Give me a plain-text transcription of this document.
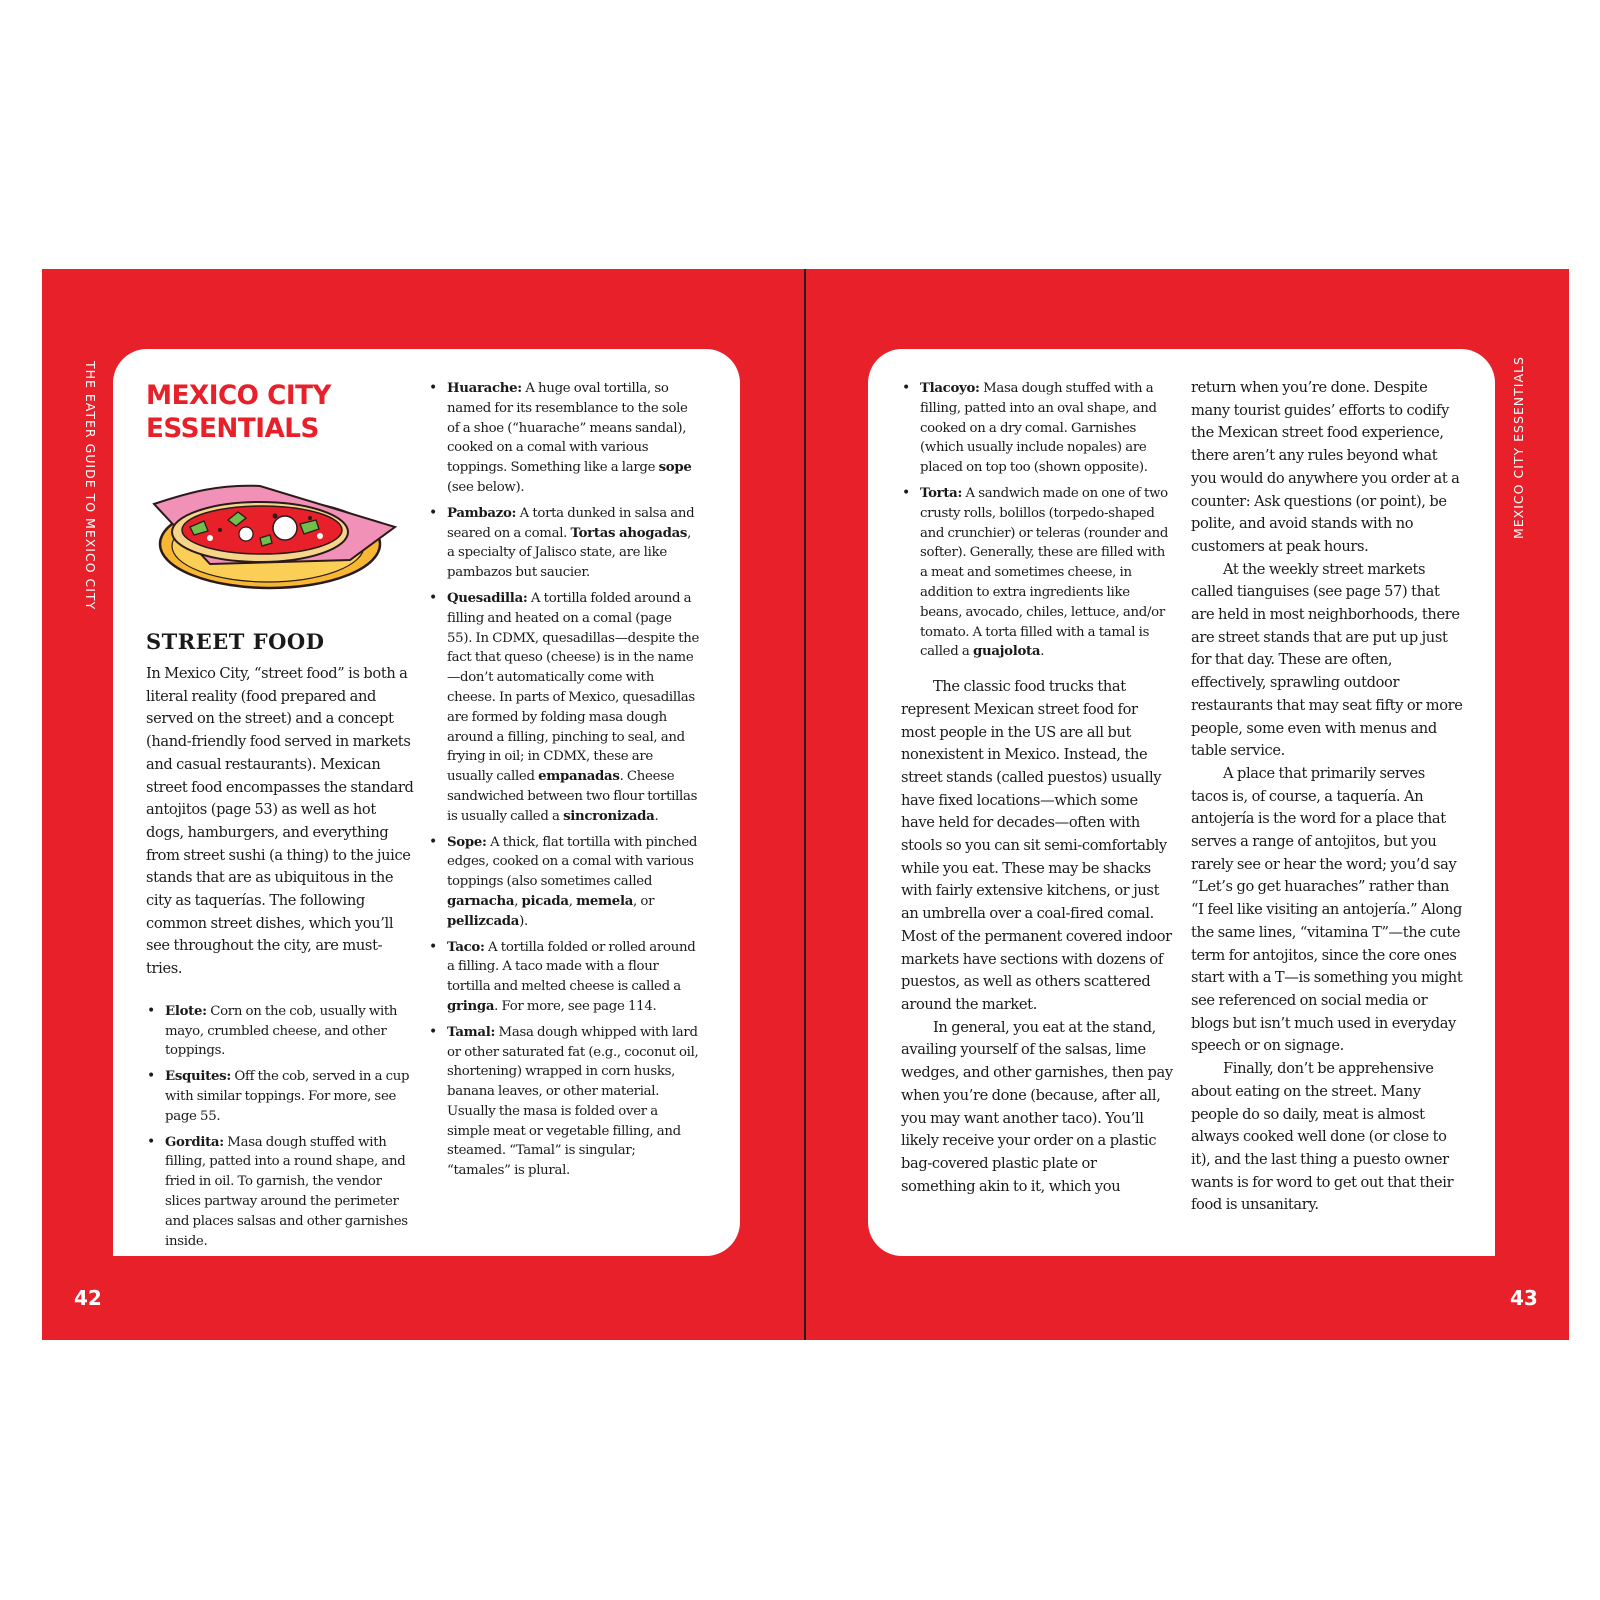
THE EATER GUIDE TO MEXICO CITY
42
MEXICO CITY
ESSENTIALS
STREET FOOD

In Mexico City, “street food” is both a literal reality (food prepared and served on the street) and a concept (hand-friendly food served in markets and casual restaurants). Mexican street food encompasses the standard antojitos (page 53) as well as hot dogs, hamburgers, and everything from street sushi (a thing) to the juice stands that are as ubiquitous in the city as taquerías. The following common street dishes, which you’ll see throughout the city, are must-tries.

• Elote: Corn on the cob, usually with mayo, crumbled cheese, and other toppings.
• Esquites: Off the cob, served in a cup with similar toppings. For more, see page 55.
• Gordita: Masa dough stuffed with filling, patted into a round shape, and fried in oil. To garnish, the vendor slices partway around the perimeter and places salsas and other garnishes inside.
• Huarache: A huge oval tortilla, so named for its resemblance to the sole of a shoe (“huarache” means sandal), cooked on a comal with various toppings. Something like a large sope (see below).
• Pambazo: A torta dunked in salsa and seared on a comal. Tortas ahogadas, a specialty of Jalisco state, are like pambazos but saucier.
• Quesadilla: A tortilla folded around a filling and heated on a comal (page 55). In CDMX, quesadillas—despite the fact that queso (cheese) is in the name—don’t automatically come with cheese. In parts of Mexico, quesadillas are formed by folding masa dough around a filling, pinching to seal, and frying in oil; in CDMX, these are usually called empanadas. Cheese sandwiched between two flour tortillas is usually called a sincronizada.
• Sope: A thick, flat tortilla with pinched edges, cooked on a comal with various toppings (also sometimes called garnacha, picada, memela, or pellizcada).
• Taco: A tortilla folded or rolled around a filling. A taco made with a flour tortilla and melted cheese is called a gringa. For more, see page 114.
• Tamal: Masa dough whipped with lard or other saturated fat (e.g., coconut oil, shortening) wrapped in corn husks, banana leaves, or other material. Usually the masa is folded over a simple meat or vegetable filling, and steamed. “Tamal” is singular; “tamales” is plural.
MEXICO CITY ESSENTIALS
43
• Tlacoyo: Masa dough stuffed with a filling, patted into an oval shape, and cooked on a dry comal. Garnishes (which usually include nopales) are placed on top too (shown opposite).
• Torta: A sandwich made on one of two crusty rolls, bolillos (torpedo-shaped and crunchier) or teleras (rounder and softer). Generally, these are filled with a meat and sometimes cheese, in addition to extra ingredients like beans, avocado, chiles, lettuce, and/or tomato. A torta filled with a tamal is called a guajolota.

The classic food trucks that represent Mexican street food for most people in the US are all but nonexistent in Mexico. Instead, the street stands (called puestos) usually have fixed locations—which some have held for decades—often with stools so you can sit semi-comfortably while you eat. These may be shacks with fairly extensive kitchens, or just an umbrella over a coal-fired comal. Most of the permanent covered indoor markets have sections with dozens of puestos, as well as others scattered around the market.

In general, you eat at the stand, availing yourself of the salsas, lime wedges, and other garnishes, then pay when you’re done (because, after all, you may want another taco). You’ll likely receive your order on a plastic bag-covered plastic plate or something akin to it, which you

return when you’re done. Despite many tourist guides’ efforts to codify the Mexican street food experience, there aren’t any rules beyond what you would do anywhere you order at a counter: Ask questions (or point), be polite, and avoid stands with no customers at peak hours.

At the weekly street markets called tianguises (see page 57) that are held in most neighborhoods, there are street stands that are put up just for that day. These are often, effectively, sprawling outdoor restaurants that may seat fifty or more people, some even with menus and table service.

A place that primarily serves tacos is, of course, a taquería. An antojería is the word for a place that serves a range of antojitos, but you rarely see or hear the word; you’d say “Let’s go get huaraches” rather than “I feel like visiting an antojería.” Along the same lines, “vitamina T”—the cute term for antojitos, since the core ones start with a T—is something you might see referenced on social media or blogs but isn’t much used in everyday speech or on signage.

Finally, don’t be apprehensive about eating on the street. Many people do so daily, meat is almost always cooked well done (or close to it), and the last thing a puesto owner wants is for word to get out that their food is unsanitary.
